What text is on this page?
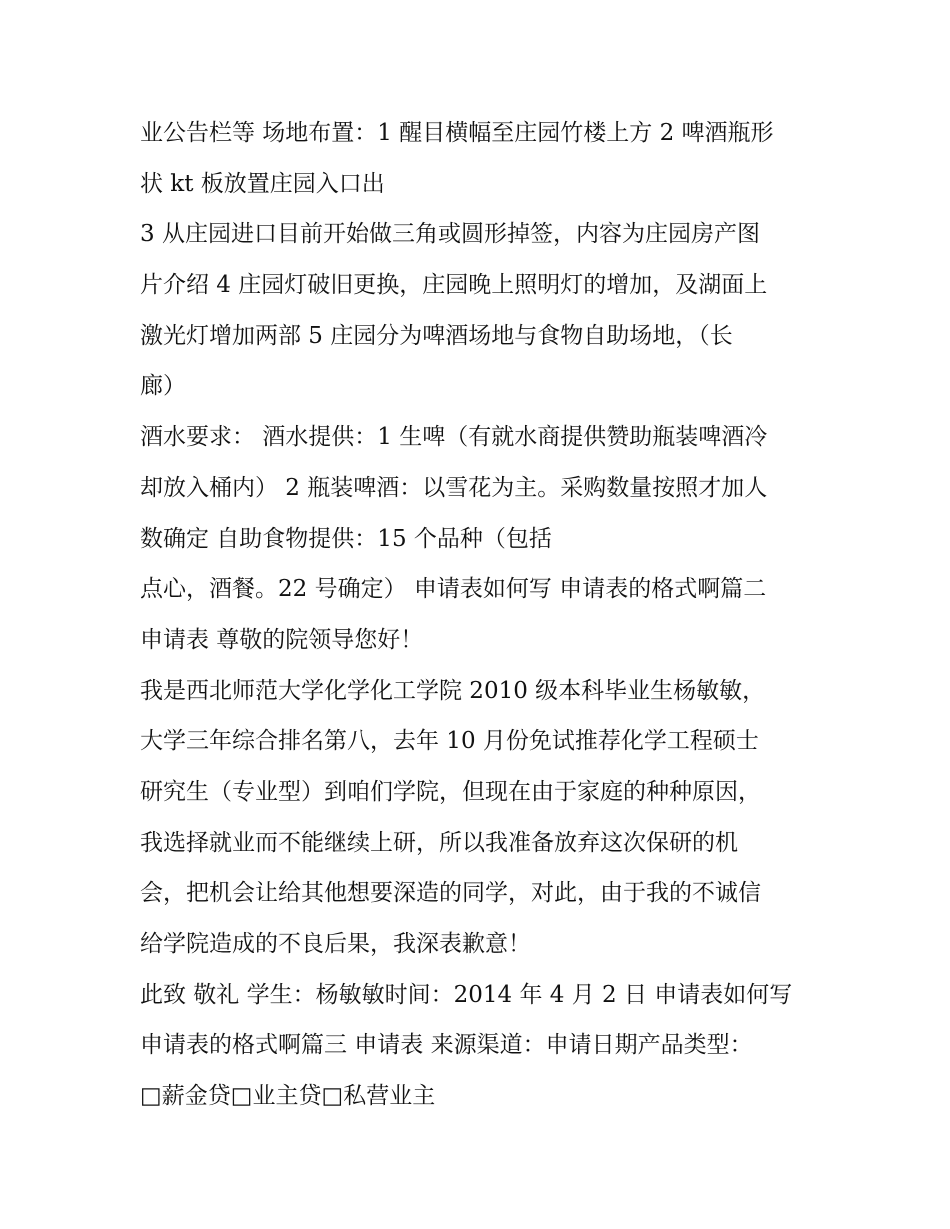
业公告栏等 场地布置：1 醒目横幅至庄园竹楼上方 2 啤酒瓶形
状 kt 板放置庄园入口出
3 从庄园进口目前开始做三角或圆形掉签，内容为庄园房产图
片介绍 4 庄园灯破旧更换，庄园晚上照明灯的增加，及湖面上
激光灯增加两部 5 庄园分为啤酒场地与食物自助场地，（长
廊）
酒水要求： 酒水提供：1 生啤（有就水商提供赞助瓶装啤酒冷
却放入桶内） 2 瓶装啤酒：以雪花为主。采购数量按照才加人
数确定 自助食物提供：15 个品种（包括
点心，酒餐。22 号确定） 申请表如何写 申请表的格式啊篇二
申请表 尊敬的院领导您好！
我是西北师范大学化学化工学院 2010 级本科毕业生杨敏敏，
大学三年综合排名第八，去年 10 月份免试推荐化学工程硕士
研究生（专业型）到咱们学院，但现在由于家庭的种种原因，
我选择就业而不能继续上研，所以我准备放弃这次保研的机
会，把机会让给其他想要深造的同学，对此，由于我的不诚信
给学院造成的不良后果，我深表歉意！
此致 敬礼 学生：杨敏敏时间：2014 年 4 月 2 日 申请表如何写
申请表的格式啊篇三 申请表 来源渠道：申请日期产品类型：
□薪金贷□业主贷□私营业主
